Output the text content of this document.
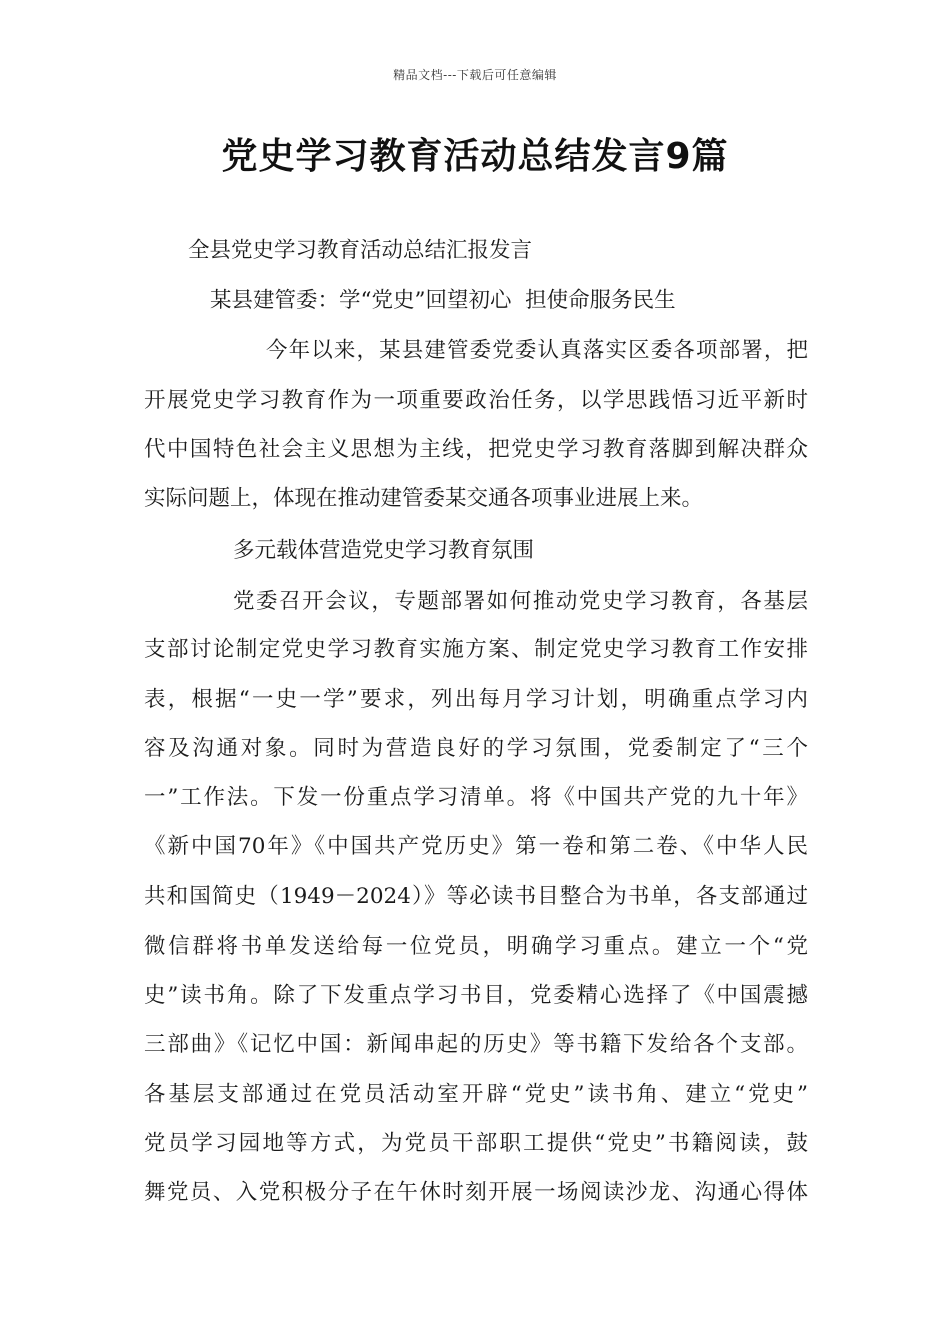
精品文档---下载后可任意编辑
党史学习教育活动总结发言9篇

全县党史学习教育活动总结汇报发言

某县建管委：学“党史”回望初心  担使命服务民生

今年以来，某县建管委党委认真落实区委各项部署，把

开展党史学习教育作为一项重要政治任务，以学思践悟习近平新时

代中国特色社会主义思想为主线，把党史学习教育落脚到解决群众

实际问题上，体现在推动建管委某交通各项事业进展上来。

多元载体营造党史学习教育氛围

党委召开会议，专题部署如何推动党史学习教育，各基层

支部讨论制定党史学习教育实施方案、制定党史学习教育工作安排

表，根据“一史一学”要求，列出每月学习计划，明确重点学习内

容及沟通对象。同时为营造良好的学习氛围，党委制定了“三个

一”工作法。下发一份重点学习清单。将《中国共产党的九十年》

《新中国70年》《中国共产党历史》第一卷和第二卷、《中华人民

共和国简史（1949－2024）》等必读书目整合为书单，各支部通过

微信群将书单发送给每一位党员，明确学习重点。建立一个“党

史”读书角。除了下发重点学习书目，党委精心选择了《中国震撼

三部曲》《记忆中国：新闻串起的历史》等书籍下发给各个支部。

各基层支部通过在党员活动室开辟“党史”读书角、建立“党史”

党员学习园地等方式，为党员干部职工提供“党史”书籍阅读，鼓

舞党员、入党积极分子在午休时刻开展一场阅读沙龙、沟通心得体
